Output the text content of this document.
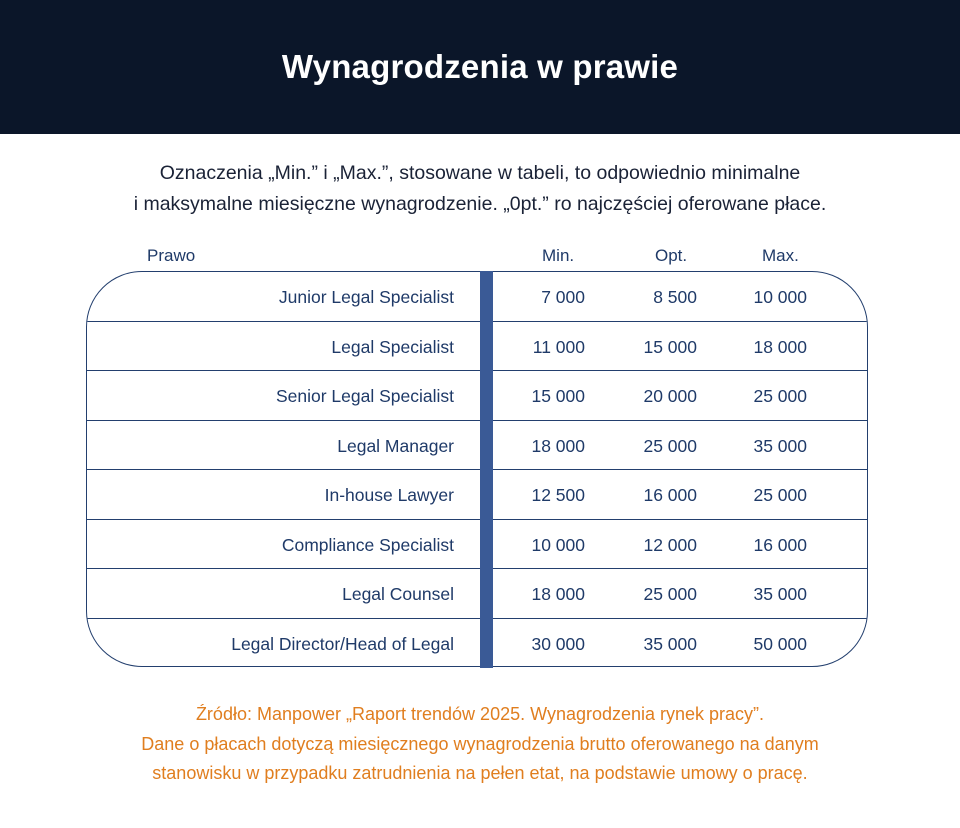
Wynagrodzenia w prawie
Oznaczenia „Min.” i „Max.”, stosowane w tabeli, to odpowiednio minimalne
i maksymalne miesięczne wynagrodzenie. „0pt.” ro najczęściej oferowane płace.
Prawo	Min.	Opt.	Max.
Junior Legal Specialist	7 000	8 500	10 000
Legal Specialist	11 000	15 000	18 000
Senior Legal Specialist	15 000	20 000	25 000
Legal Manager	18 000	25 000	35 000
In-house Lawyer	12 500	16 000	25 000
Compliance Specialist	10 000	12 000	16 000
Legal Counsel	18 000	25 000	35 000
Legal Director/Head of Legal	30 000	35 000	50 000
Źródło: Manpower „Raport trendów 2025. Wynagrodzenia rynek pracy”.
Dane o płacach dotyczą miesięcznego wynagrodzenia brutto oferowanego na danym
stanowisku w przypadku zatrudnienia na pełen etat, na podstawie umowy o pracę.
